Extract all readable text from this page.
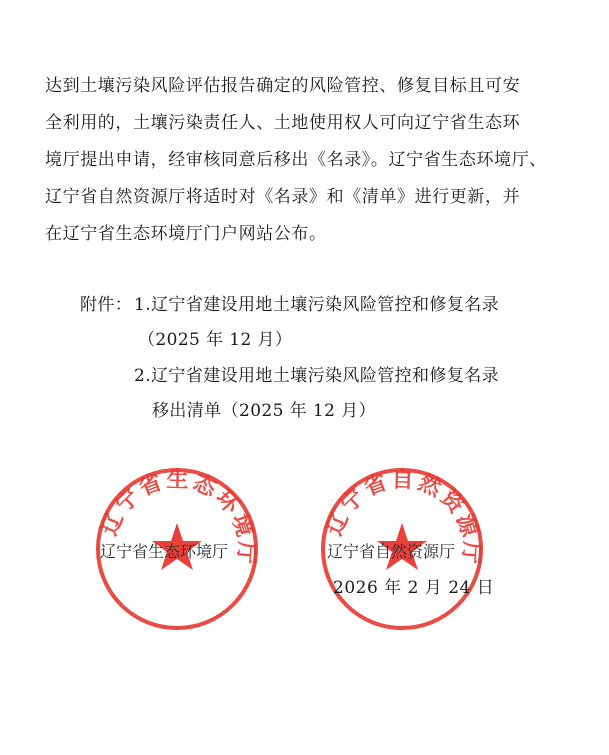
达到土壤污染风险评估报告确定的风险管控、修复目标且可安
全利用的，土壤污染责任人、土地使用权人可向辽宁省生态环
境厅提出申请，经审核同意后移出《名录》。辽宁省生态环境厅、
辽宁省自然资源厅将适时对《名录》和《清单》进行更新，并
在辽宁省生态环境厅门户网站公布。
附件： 1.辽宁省建设用地土壤污染风险管控和修复名录
（2025 年 12 月）
2.辽宁省建设用地土壤污染风险管控和修复名录
移出清单（2025 年 12 月）
辽宁省生态环境厅
辽宁省自然资源厅
辽宁省生态环境厅	辽宁省自然资源厅
2026 年 2 月 24 日
